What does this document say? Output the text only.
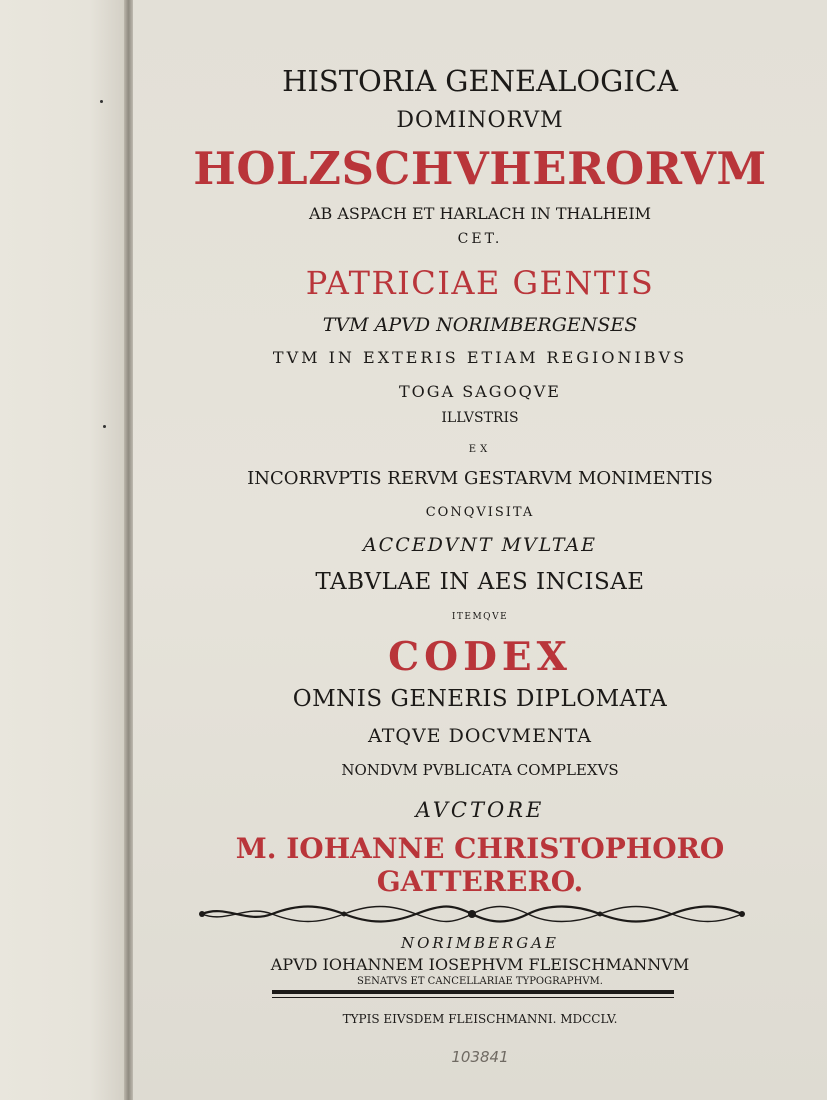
HISTORIA GENEALOGICA
DOMINORVM
HOLZSCHVHERORVM
AB ASPACH ET HARLACH IN THALHEIM
CET.
PATRICIAE GENTIS
TVM APVD NORIMBERGENSES
TVM IN EXTERIS ETIAM REGIONIBVS
TOGA SAGOQVE
ILLVSTRIS
EX
INCORRVPTIS RERVM GESTARVM MONIMENTIS
CONQVISITA
ACCEDVNT MVLTAE
TABVLAE IN AES INCISAE
ITEMQVE
CODEX
OMNIS GENERIS DIPLOMATA
ATQVE DOCVMENTA
NONDVM PVBLICATA COMPLEXVS
AVCTORE
M. IOHANNE CHRISTOPHORO
GATTERERO.
NORIMBERGAE
APVD IOHANNEM IOSEPHVM FLEISCHMANNVM
SENATVS ET CANCELLARIAE TYPOGRAPHVM.
TYPIS EIVSDEM FLEISCHMANNI. MDCCLV.
103841
